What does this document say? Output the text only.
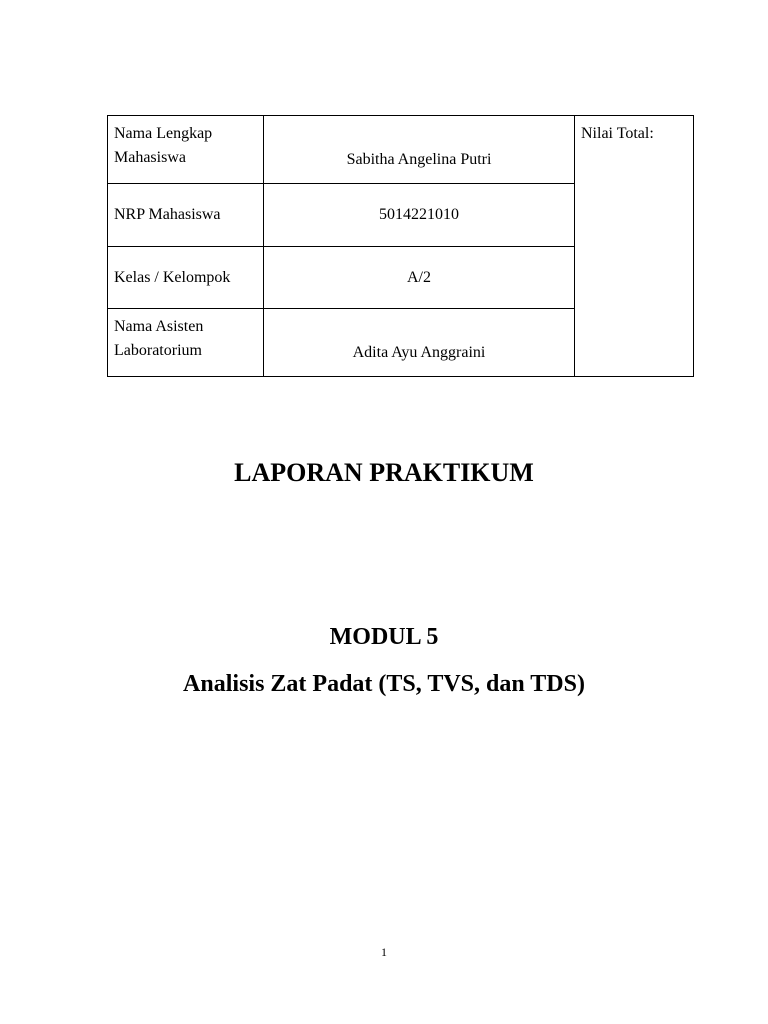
Nama Lengkap
Mahasiswa	Sabitha Angelina Putri	Nilai Total:
NRP Mahasiswa	5014221010	
Kelas / Kelompok	A/2	

Nama Asisten
Laboratorium	Adita Ayu Anggraini	
LAPORAN PRAKTIKUM
MODUL 5
Analisis Zat Padat (TS, TVS, dan TDS)
1
